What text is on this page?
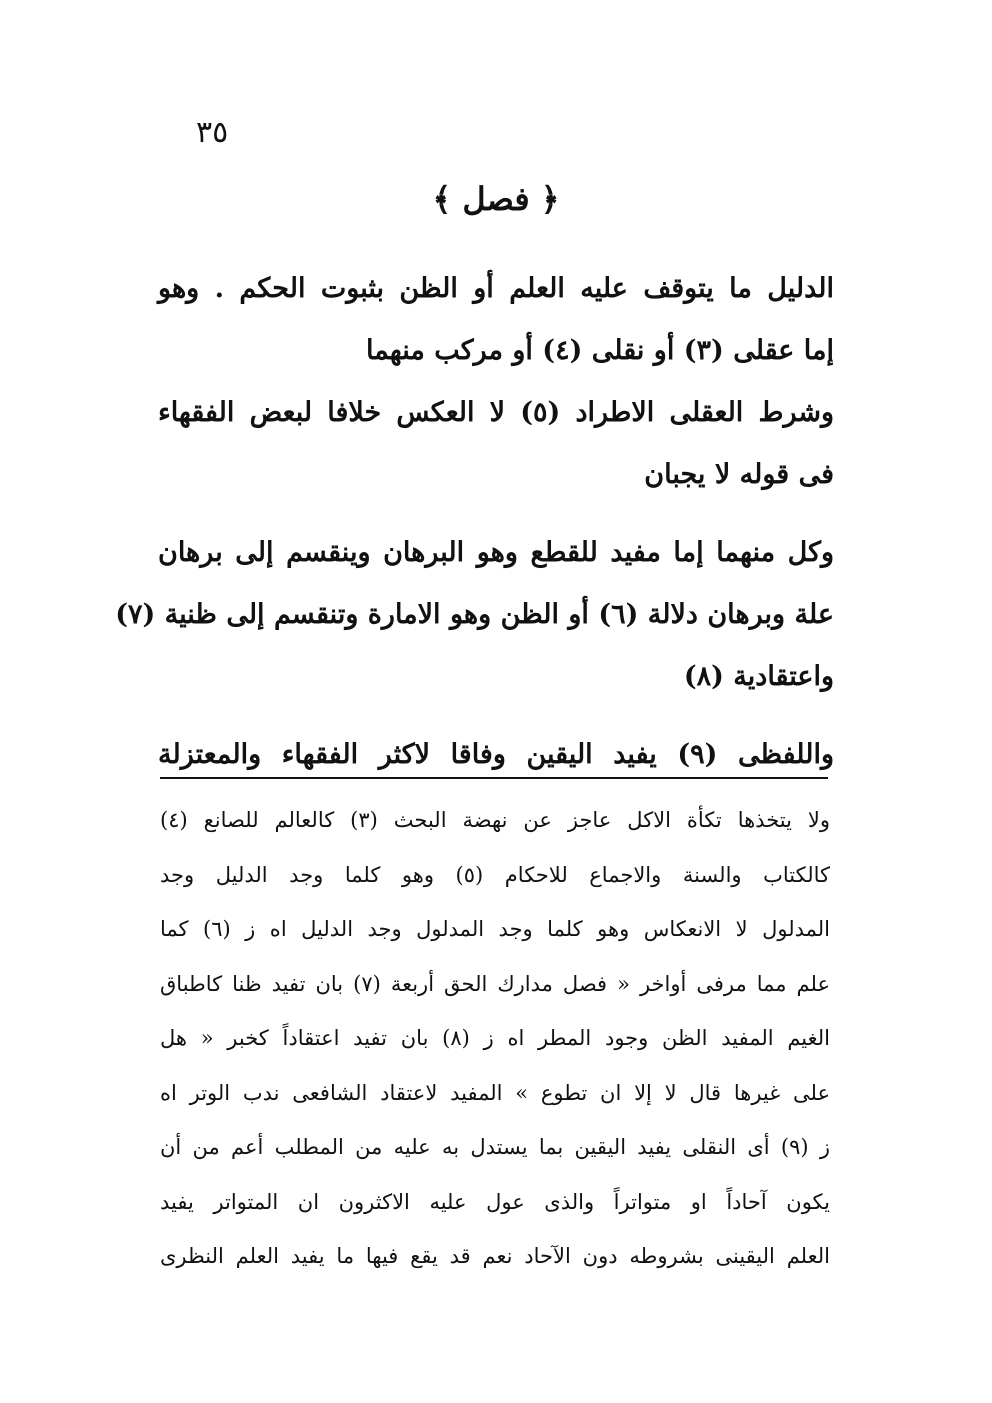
٣٥
﴿ فصل ﴾
الدليل ما يتوقف عليه العلم أو الظن بثبوت الحكم . وهو
إما عقلى (٣) أو نقلى (٤) أو مركب منهما
وشرط العقلى الاطراد (٥) لا العكس خلافا لبعض الفقهاء
فى قوله لا يجبان
وكل منهما إما مفيد للقطع وهو البرهان وينقسم إلى برهان
علة وبرهان دلالة (٦) أو الظن وهو الامارة وتنقسم إلى ظنية (٧)
واعتقادية (٨)
واللفظى (٩) يفيد اليقين وفاقا لاكثر الفقهاء والمعتزلة
ولا يتخذها تكأة الاكل عاجز عن نهضة البحث (٣) كالعالم للصانع (٤)
كالكتاب والسنة والاجماع للاحكام (٥) وهو كلما وجد الدليل وجد
المدلول لا الانعكاس وهو كلما وجد المدلول وجد الدليل اه ز (٦) كما
علم مما مرفى أواخر « فصل مدارك الحق أربعة (٧) بان تفيد ظنا كاطباق
الغيم المفيد الظن وجود المطر اه ز (٨) بان تفيد اعتقاداً كخبر « هل
على غيرها قال لا إلا ان تطوع » المفيد لاعتقاد الشافعى ندب الوتر اه
ز (٩) أى النقلى يفيد اليقين بما يستدل به عليه من المطلب أعم من أن
يكون آحاداً او متواتراً والذى عول عليه الاكثرون ان المتواتر يفيد
العلم اليقينى بشروطه دون الآحاد نعم قد يقع فيها ما يفيد العلم النظرى
